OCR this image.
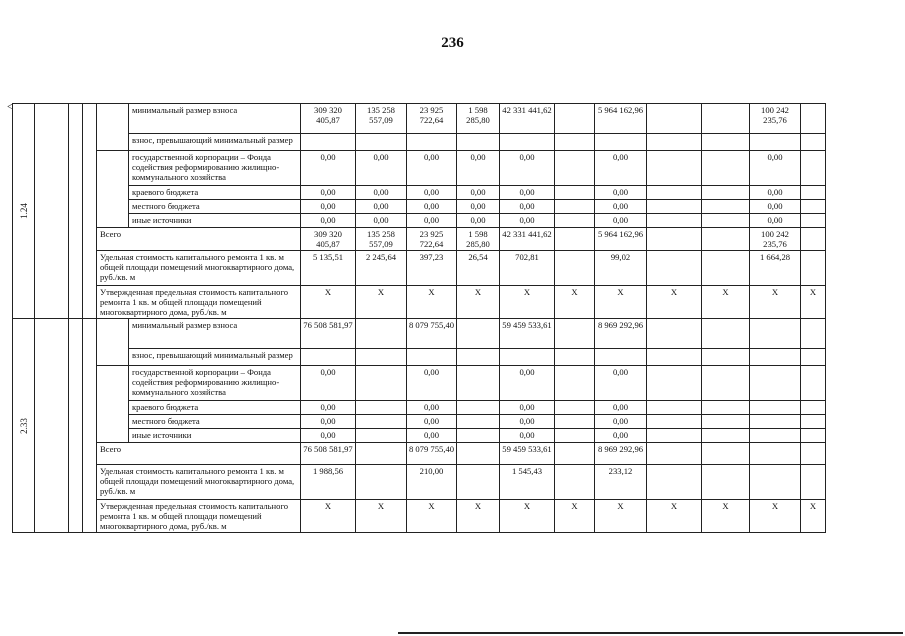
236
<
1.24					минимальный размер взноса	309 320 405,87	135 258 557,09	23 925 722,64	1 598 285,80	42 331 441,62		5 964 162,96			100 242 235,76	
					взнос, превышающий минимальный размер											
	государственной корпорации – Фонда содействия реформированию жилищно-коммунального хозяйства	0,00	0,00	0,00	0,00	0,00		0,00			0,00	
					краевого бюджета	0,00	0,00	0,00	0,00	0,00		0,00			0,00	
					местного бюджета	0,00	0,00	0,00	0,00	0,00		0,00			0,00	
					иные источники	0,00	0,00	0,00	0,00	0,00		0,00			0,00	
				Всего		309 320 405,87	135 258 557,09	23 925 722,64	1 598 285,80	42 331 441,62		5 964 162,96			100 242 235,76	
				Удельная стоимость капитального ремонта 1 кв. м общей площади помещений многоквартирного дома, руб./кв. м		5 135,51	2 245,64	397,23	26,54	702,81		99,02			1 664,28	
				Утвержденная предельная стоимость капитального ремонта 1 кв. м общей площади помещений многоквартирного дома, руб./кв. м		X	X	X	X	X	X	X	X	X	X	X
2.33					минимальный размер взноса	76 508 581,97		8 079 755,40		59 459 533,61		8 969 292,96				
					взнос, превышающий минимальный размер											
	государственной корпорации – Фонда содействия реформированию жилищно-коммунального хозяйства	0,00		0,00		0,00		0,00				
					краевого бюджета	0,00		0,00		0,00		0,00				
					местного бюджета	0,00		0,00		0,00		0,00				
					иные источники	0,00		0,00		0,00		0,00				
				Всего		76 508 581,97		8 079 755,40		59 459 533,61		8 969 292,96				
				Удельная стоимость капитального ремонта 1 кв. м общей площади помещений многоквартирного дома, руб./кв. м		1 988,56		210,00		1 545,43		233,12				
				Утвержденная предельная стоимость капитального ремонта 1 кв. м общей площади помещений многоквартирного дома, руб./кв. м		X	X	X	X	X	X	X	X	X	X	X
